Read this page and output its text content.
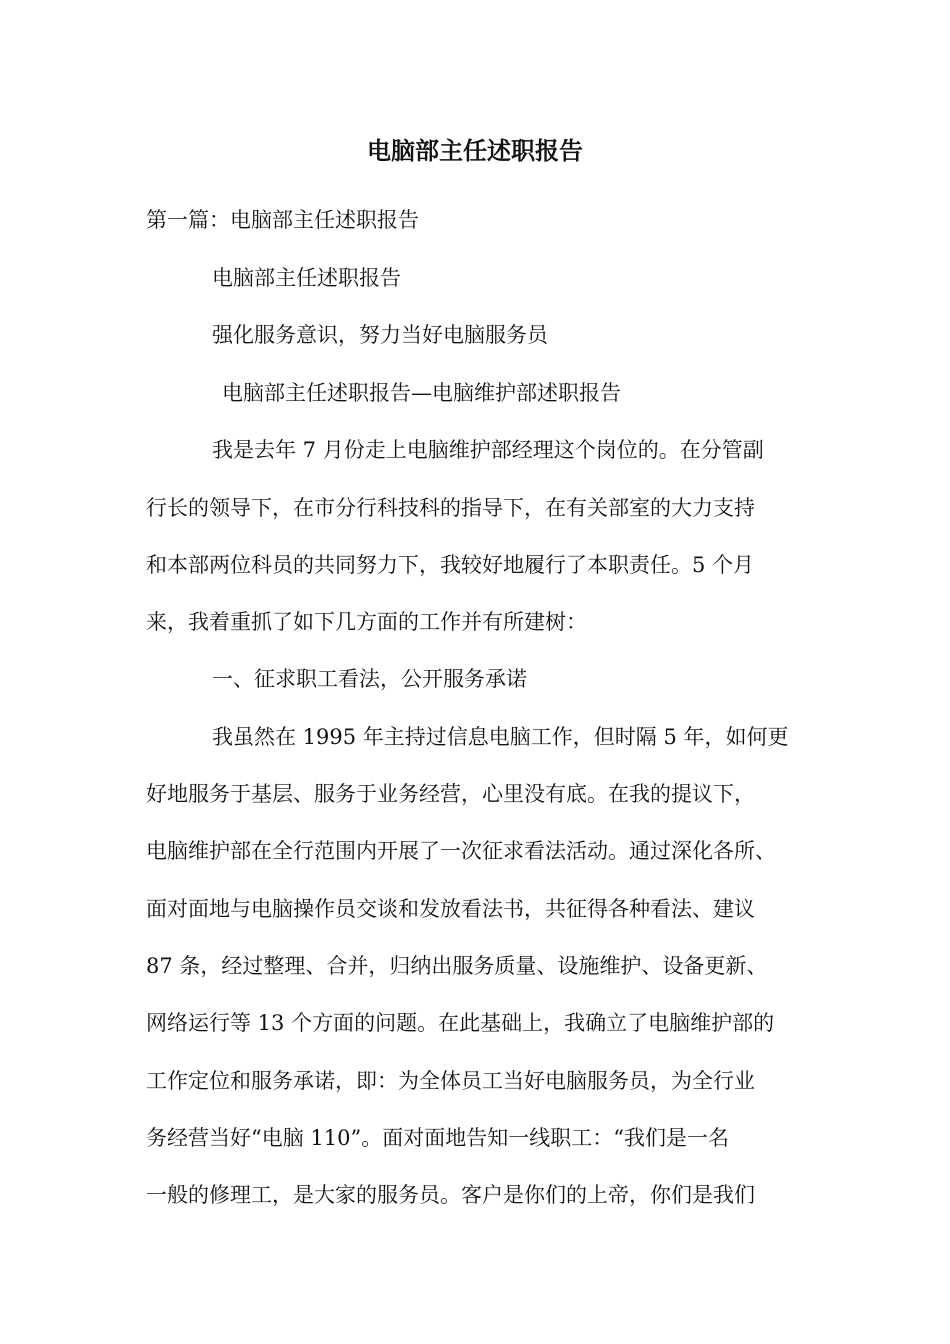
电脑部主任述职报告
第一篇：电脑部主任述职报告
电脑部主任述职报告
强化服务意识，努力当好电脑服务员
电脑部主任述职报告—电脑维护部述职报告
我是去年 7 月份走上电脑维护部经理这个岗位的。在分管副
行长的领导下，在市分行科技科的指导下，在有关部室的大力支持
和本部两位科员的共同努力下，我较好地履行了本职责任。5 个月
来，我着重抓了如下几方面的工作并有所建树：
一、征求职工看法，公开服务承诺
我虽然在 1995 年主持过信息电脑工作，但时隔 5 年，如何更
好地服务于基层、服务于业务经营，心里没有底。在我的提议下，
电脑维护部在全行范围内开展了一次征求看法活动。通过深化各所、
面对面地与电脑操作员交谈和发放看法书，共征得各种看法、建议
87 条，经过整理、合并，归纳出服务质量、设施维护、设备更新、
网络运行等 13 个方面的问题。在此基础上，我确立了电脑维护部的
工作定位和服务承诺，即：为全体员工当好电脑服务员，为全行业
务经营当好“电脑 110”。面对面地告知一线职工：“我们是一名
一般的修理工，是大家的服务员。客户是你们的上帝，你们是我们
